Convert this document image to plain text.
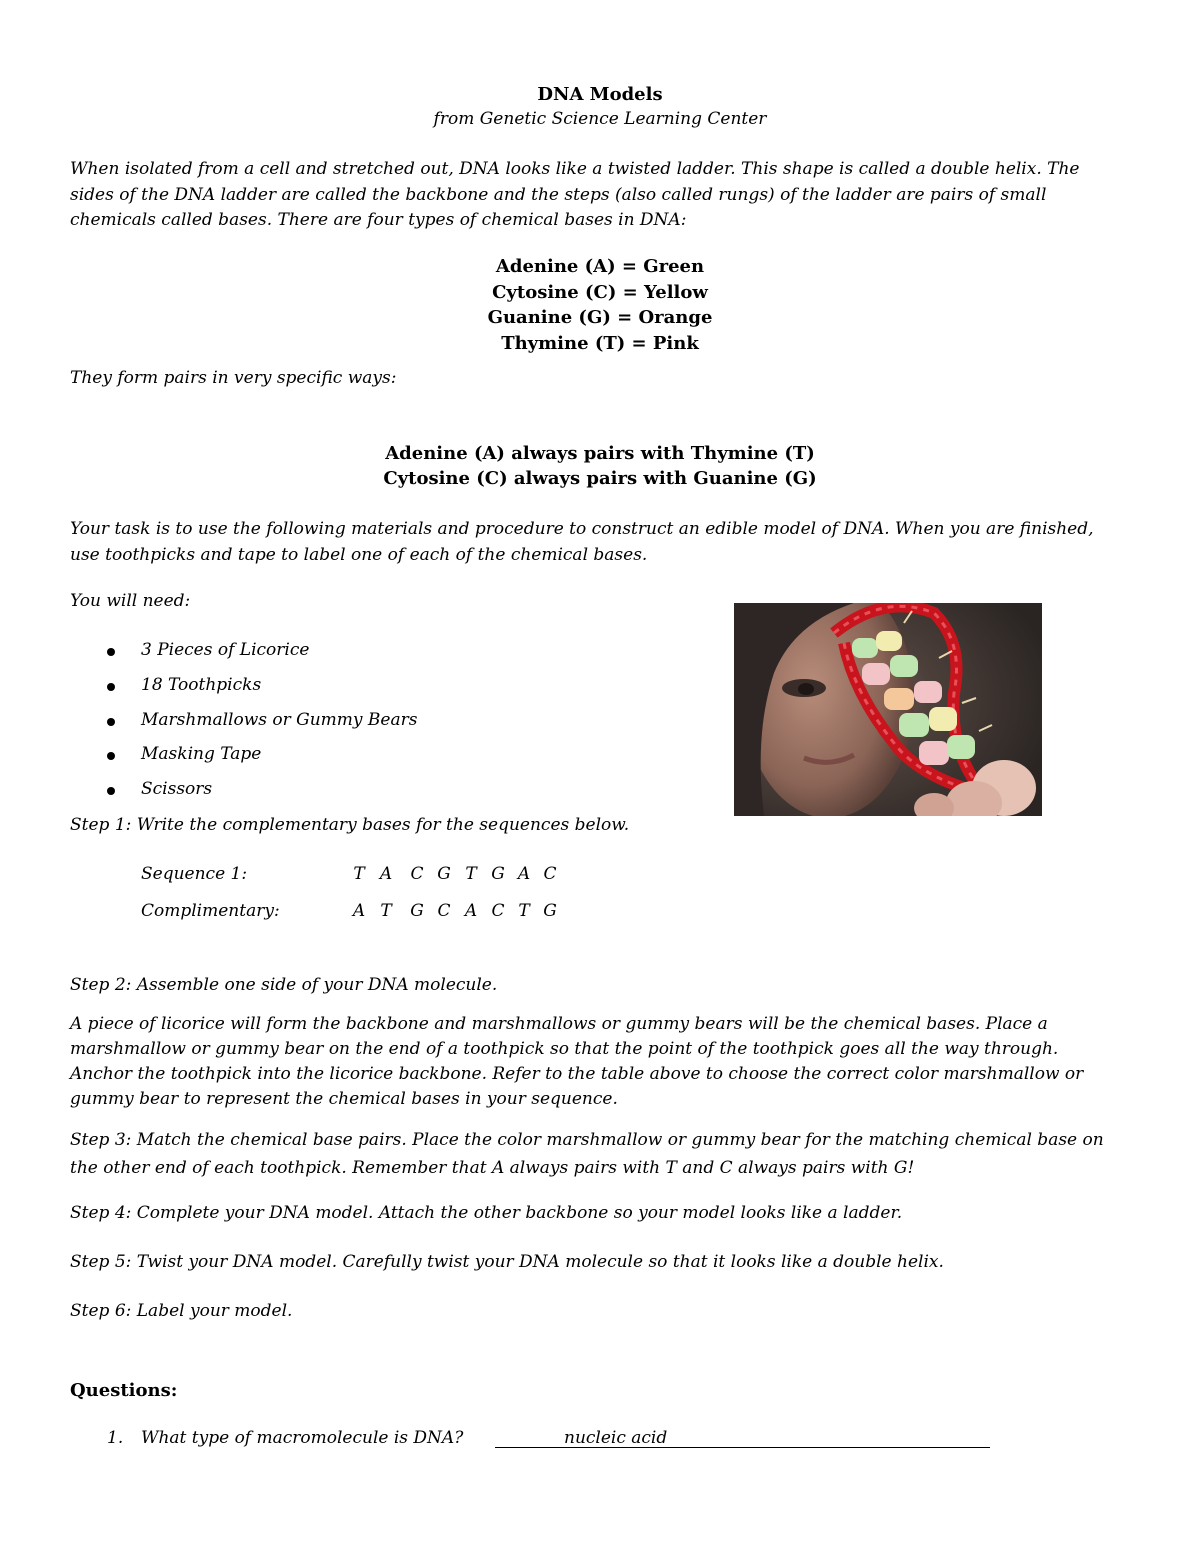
DNA Models
from Genetic Science Learning Center
When isolated from a cell and stretched out, DNA looks like a twisted ladder. This shape is called a double helix. The
sides of the DNA ladder are called the backbone and the steps (also called rungs) of the ladder are pairs of small
chemicals called bases. There are four types of chemical bases in DNA:
Adenine (A) = Green
Cytosine (C) = Yellow
Guanine (G) = Orange
Thymine (T) = Pink
They form pairs in very specific ways:
Adenine (A) always pairs with Thymine (T)
Cytosine (C) always pairs with Guanine (G)
Your task is to use the following materials and procedure to construct an edible model of DNA. When you are finished,
use toothpicks and tape to label one of each of the chemical bases.
You will need:
3 Pieces of Licorice
18 Toothpicks
Marshmallows or Gummy Bears
Masking Tape
Scissors
Step 1: Write the complementary bases for the sequences below.
Sequence 1:	T A C G T G A C
Complimentary:	A T G C A C T G
Step 2: Assemble one side of your DNA molecule.
A piece of licorice will form the backbone and marshmallows or gummy bears will be the chemical bases. Place a
marshmallow or gummy bear on the end of a toothpick so that the point of the toothpick goes all the way through.
Anchor the toothpick into the licorice backbone. Refer to the table above to choose the correct color marshmallow or
gummy bear to represent the chemical bases in your sequence.
Step 3: Match the chemical base pairs. Place the color marshmallow or gummy bear for the matching chemical base on
the other end of each toothpick. Remember that A always pairs with T and C always pairs with G!
Step 4: Complete your DNA model. Attach the other backbone so your model looks like a ladder.
Step 5: Twist your DNA model. Carefully twist your DNA molecule so that it looks like a double helix.
Step 6: Label your model.
Questions:
1. What type of macromolecule is DNA?	nucleic acid
